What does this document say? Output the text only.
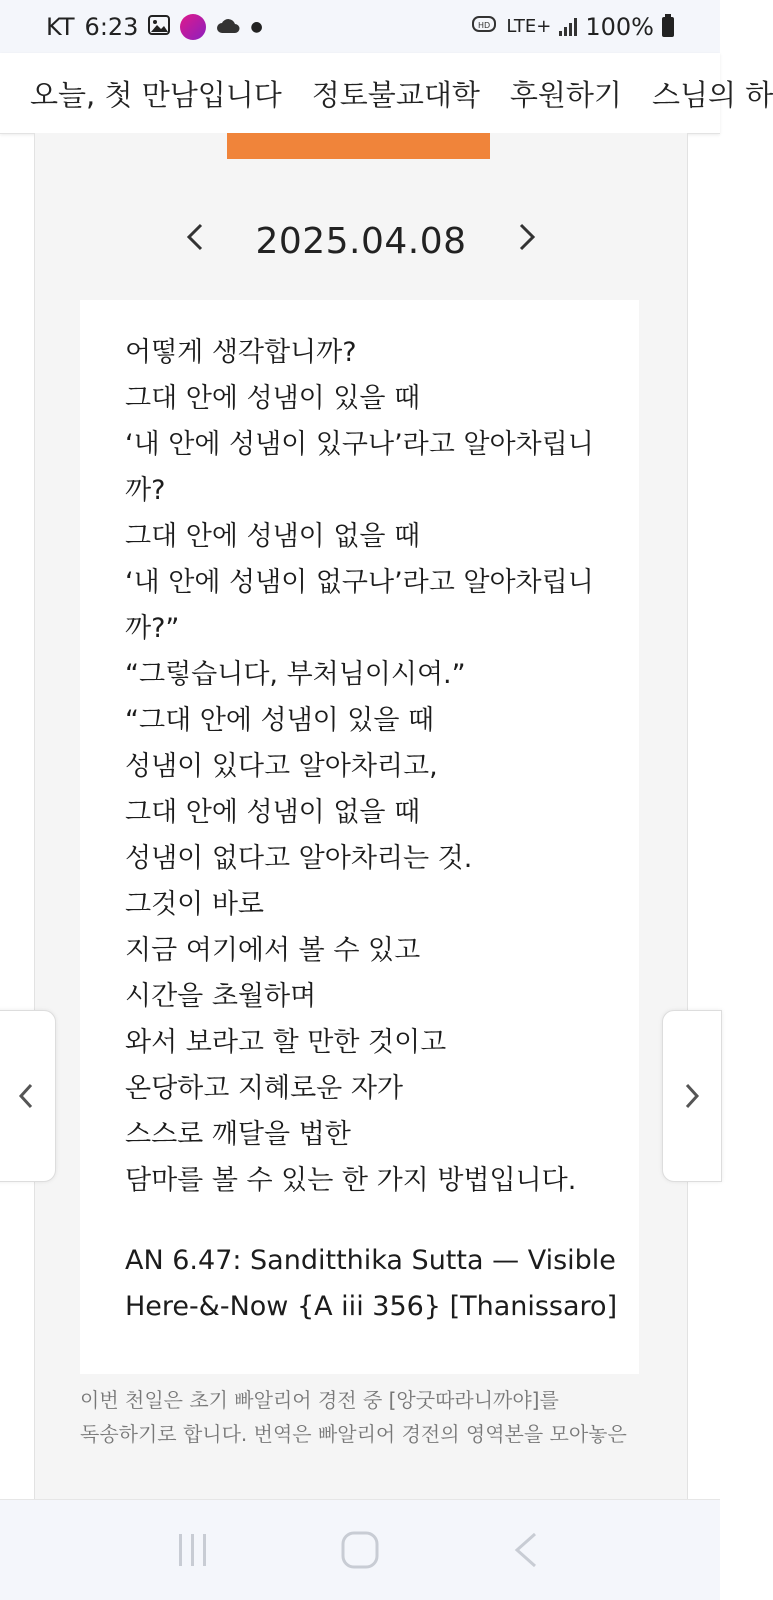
KT 6:23	●	HD LTE+ 100%
오늘, 첫 만남입니다 정토불교대학 후원하기 스님의 하
2025.04.08
어떻게 생각합니까?
그대 안에 성냄이 있을 때
‘내 안에 성냄이 있구나’라고 알아차립니
까?
그대 안에 성냄이 없을 때
‘내 안에 성냄이 없구나’라고 알아차립니
까?”
“그렇습니다, 부처님이시여.”
“그대 안에 성냄이 있을 때
성냄이 있다고 알아차리고,
그대 안에 성냄이 없을 때
성냄이 없다고 알아차리는 것.
그것이 바로
지금 여기에서 볼 수 있고
시간을 초월하며
와서 보라고 할 만한 것이고
온당하고 지혜로운 자가
스스로 깨달을 법한
담마를 볼 수 있는 한 가지 방법입니다.
AN 6.47: Sanditthika Sutta — Visible
Here-&-Now {A iii 356} [Thanissaro]
이번 천일은 초기 빠알리어 경전 중 [앙굿따라니까야]를
독송하기로 합니다. 번역은 빠알리어 경전의 영역본을 모아놓은
